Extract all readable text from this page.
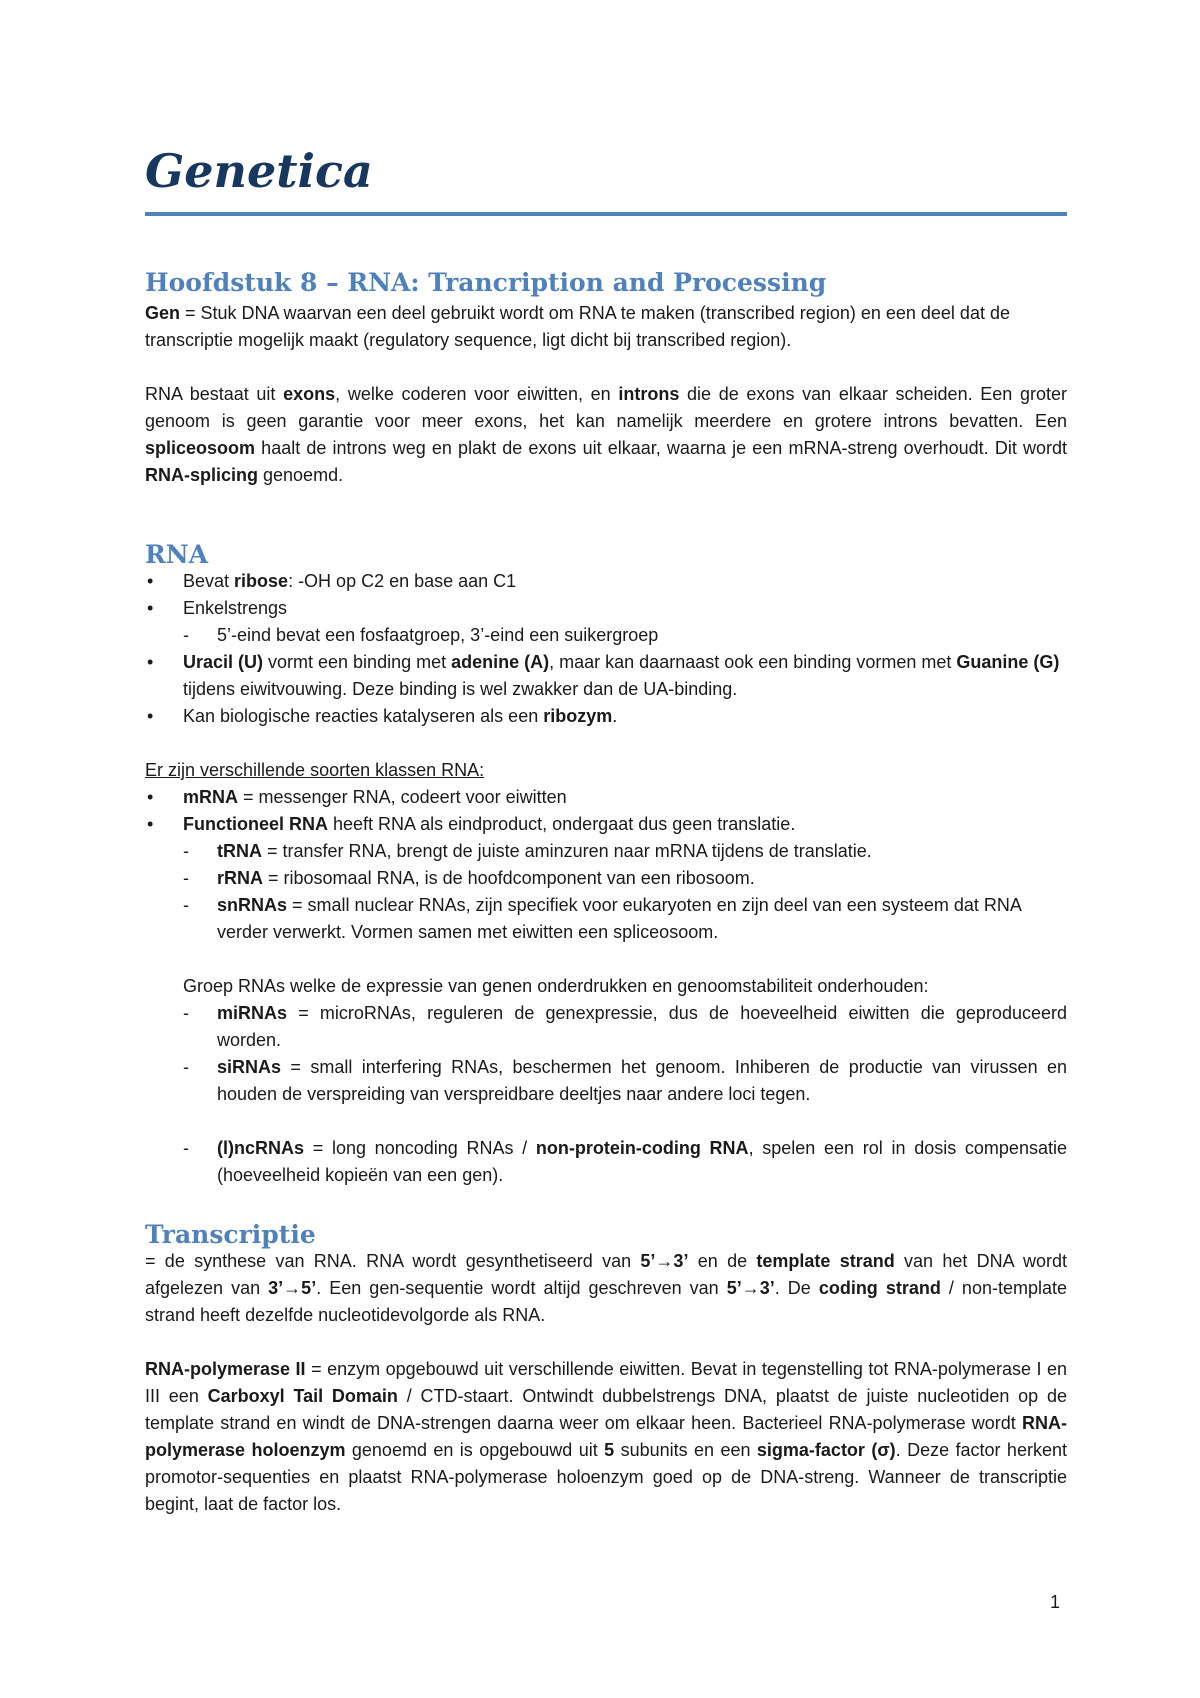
Genetica
Hoofdstuk 8 – RNA: Trancription and Processing

Gen = Stuk DNA waarvan een deel gebruikt wordt om RNA te maken (transcribed region) en een deel dat de transcriptie mogelijk maakt (regulatory sequence, ligt dicht bij transcribed region).

RNA bestaat uit exons, welke coderen voor eiwitten, en introns die de exons van elkaar scheiden. Een groter genoom is geen garantie voor meer exons, het kan namelijk meerdere en grotere introns bevatten. Een spliceosoom haalt de introns weg en plakt de exons uit elkaar, waarna je een mRNA-streng overhoudt. Dit wordt RNA-splicing genoemd.

RNA
• Bevat ribose: -OH op C2 en base aan C1
• Enkelstrengs
- 5’-eind bevat een fosfaatgroep, 3’-eind een suikergroep
• Uracil (U) vormt een binding met adenine (A), maar kan daarnaast ook een binding vormen met Guanine (G) tijdens eiwitvouwing. Deze binding is wel zwakker dan de UA-binding.
• Kan biologische reacties katalyseren als een ribozym.

Er zijn verschillende soorten klassen RNA:

• mRNA = messenger RNA, codeert voor eiwitten
• Functioneel RNA heeft RNA als eindproduct, ondergaat dus geen translatie.
- tRNA = transfer RNA, brengt de juiste aminzuren naar mRNA tijdens de translatie.
- rRNA = ribosomaal RNA, is de hoofdcomponent van een ribosoom.
- snRNAs = small nuclear RNAs, zijn specifiek voor eukaryoten en zijn deel van een systeem dat RNA verder verwerkt. Vormen samen met eiwitten een spliceosoom.

Groep RNAs welke de expressie van genen onderdrukken en genoomstabiliteit onderhouden:

- miRNAs = microRNAs, reguleren de genexpressie, dus de hoeveelheid eiwitten die geproduceerd worden.
- siRNAs = small interfering RNAs, beschermen het genoom. Inhiberen de productie van virussen en houden de verspreiding van verspreidbare deeltjes naar andere loci tegen.
- (l)ncRNAs = long noncoding RNAs / non-protein-coding RNA, spelen een rol in dosis compensatie (hoeveelheid kopieën van een gen).
Transcriptie

= de synthese van RNA. RNA wordt gesynthetiseerd van 5’→3’ en de template strand van het DNA wordt afgelezen van 3’→5’. Een gen-sequentie wordt altijd geschreven van 5’→3’. De coding strand / non-template strand heeft dezelfde nucleotidevolgorde als RNA.

RNA-polymerase II = enzym opgebouwd uit verschillende eiwitten. Bevat in tegenstelling tot RNA-polymerase I en III een Carboxyl Tail Domain / CTD-staart. Ontwindt dubbelstrengs DNA, plaatst de juiste nucleotiden op de template strand en windt de DNA-strengen daarna weer om elkaar heen. Bacterieel RNA-polymerase wordt RNA-polymerase holoenzym genoemd en is opgebouwd uit 5 subunits en een sigma-factor (σ). Deze factor herkent promotor-sequenties en plaatst RNA-polymerase holoenzym goed op de DNA-streng. Wanneer de transcriptie begint, laat de factor los.

1
